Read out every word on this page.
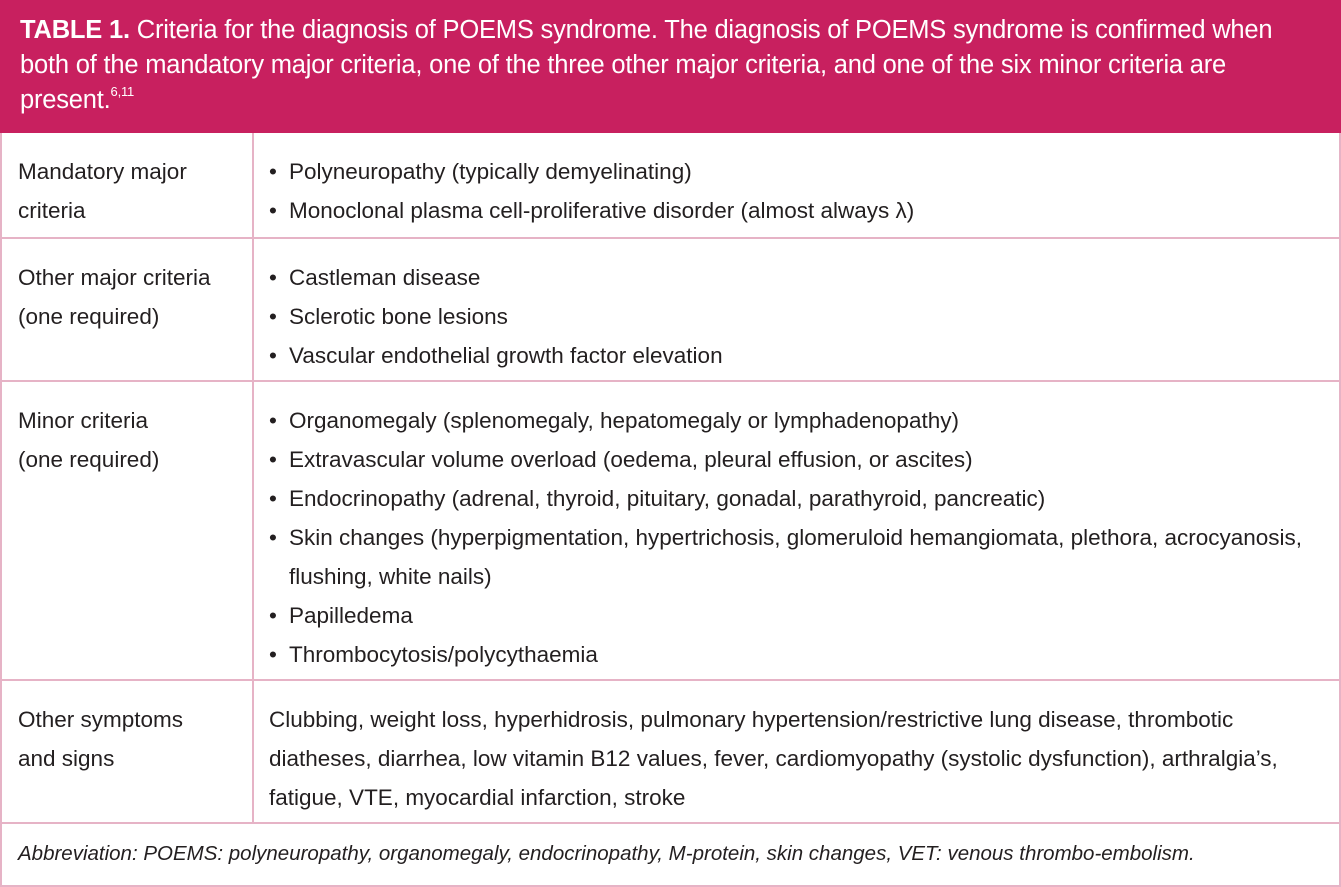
TABLE 1. Criteria for the diagnosis of POEMS syndrome. The diagnosis of POEMS syndrome is confirmed when both of the mandatory major criteria, one of the three other major criteria, and one of the six minor criteria are present.$^{6,11}$
Mandatory major
criteria
• Polyneuropathy (typically demyelinating)
• Monoclonal plasma cell-proliferative disorder (almost always λ)
Other major criteria
(one required)
• Castleman disease
• Sclerotic bone lesions
• Vascular endothelial growth factor elevation
Minor criteria
(one required)
• Organomegaly (splenomegaly, hepatomegaly or lymphadenopathy)
• Extravascular volume overload (oedema, pleural effusion, or ascites)
• Endocrinopathy (adrenal, thyroid, pituitary, gonadal, parathyroid, pancreatic)
• Skin changes (hyperpigmentation, hypertrichosis, glomeruloid hemangiomata, plethora, acrocyanosis, flushing, white nails)
• Papilledema
• Thrombocytosis/polycythaemia
Other symptoms
and signs
Clubbing, weight loss, hyperhidrosis, pulmonary hypertension/restrictive lung disease, thrombotic diatheses, diarrhea, low vitamin B12 values, fever, cardiomyopathy (systolic dysfunction), arthralgia’s, fatigue, VTE, myocardial infarction, stroke
Abbreviation: POEMS: polyneuropathy, organomegaly, endocrinopathy, M-protein, skin changes, VET: venous thrombo-embolism.
